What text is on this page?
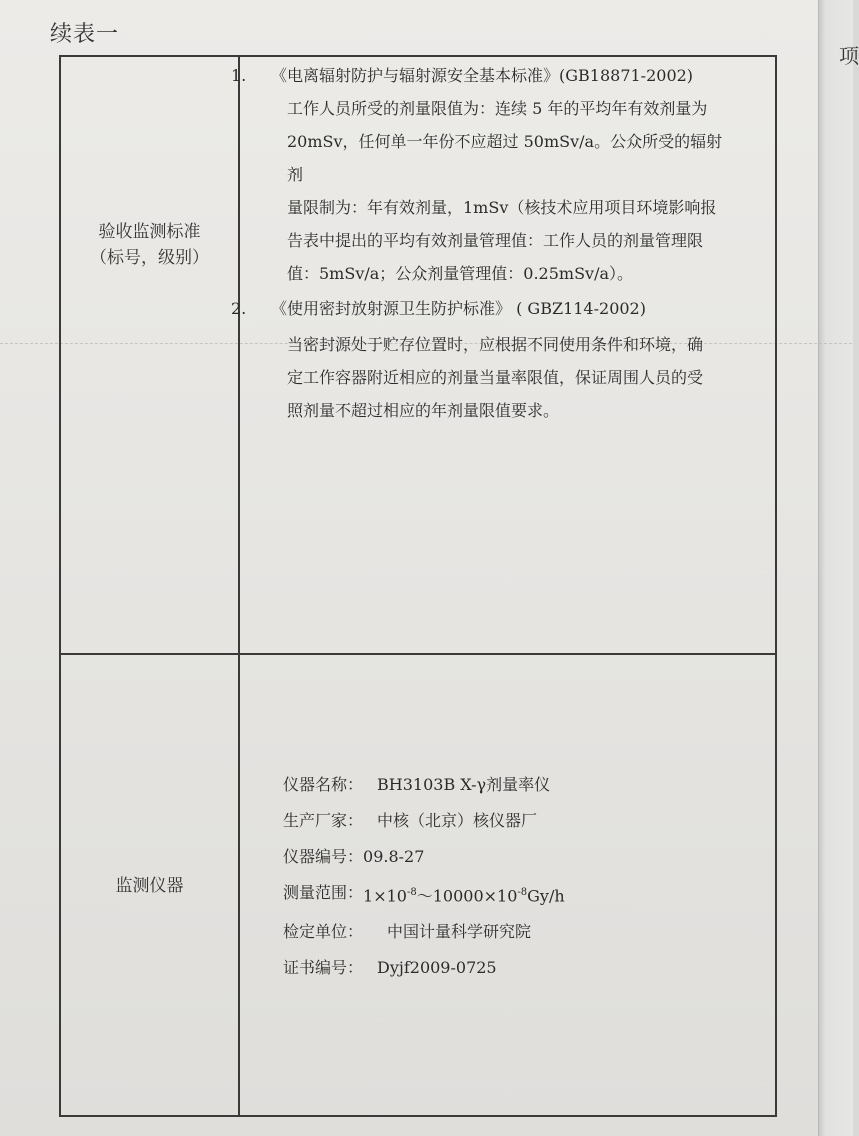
项
续表一
验收监测标准
（标号，级别）
1.	《电离辐射防护与辐射源安全基本标准》(GB18871-2002)
工作人员所受的剂量限值为：连续 5 年的平均年有效剂量为
20mSv，任何单一年份不应超过 50mSv/a。公众所受的辐射剂
量限制为：年有效剂量，1mSv（核技术应用项目环境影响报
告表中提出的平均有效剂量管理值：工作人员的剂量管理限
值：5mSv/a；公众剂量管理值：0.25mSv/a）。
2.	《使用密封放射源卫生防护标准》 ( GBZ114-2002)
当密封源处于贮存位置时，应根据不同使用条件和环境，确
定工作容器附近相应的剂量当量率限值，保证周围人员的受
照剂量不超过相应的年剂量限值要求。
监测仪器
仪器名称： BH3103B X-γ剂量率仪
生产厂家： 中核（北京）核仪器厂
仪器编号： 09.8-27
测量范围： $1\times 10^{-8}\sim 10000\times 10^{-8}Gy/h$
检定单位： 中国计量科学研究院
证书编号： Dyjf2009-0725
